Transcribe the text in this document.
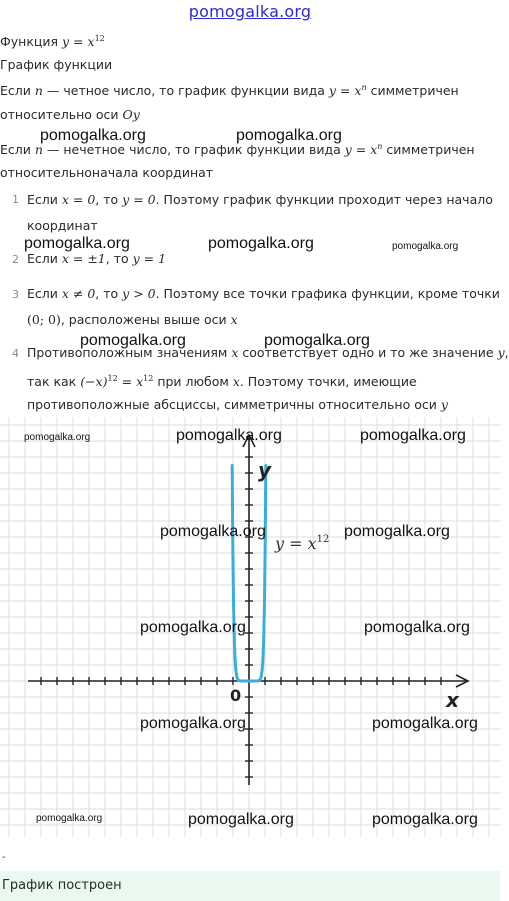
pomogalka.org
Функция $y = x^{12}$
График функции
Если n — четное число, то график функции вида $y = x^n$ симметричен
относительно оси Oy
Если n — нечетное число, то график функции вида $y = x^n$ симметричен
относительнона​чала координат
1 Если x = 0, то y = 0. Поэтому график функции проходит через начало
координат
2 Если x = ±1, то y = 1
3 Если x ≠ 0, то y > 0. Поэтому все точки графика функции, кроме точки
(0; 0), расположены выше оси x
4 Противоположным значениям x соответствует одно и то же значение y,
так как $(-x)^{12} = x^{12}$ при любом x. Поэтому точки, имеющие
противоположные абсциссы, симметричны относительно оси y
y
x
0
$y = x^{12}$
pomogalka.org	pomogalka.org
pomogalka.org	pomogalka.org	pomogalka.org
pomogalka.org	pomogalka.org
pomogalka.org	pomogalka.org	pomogalka.org
pomogalka.org	pomogalka.org
pomogalka.org	pomogalka.org
pomogalka.org	pomogalka.org
pomogalka.org	pomogalka.org	pomogalka.org
-
График построен
